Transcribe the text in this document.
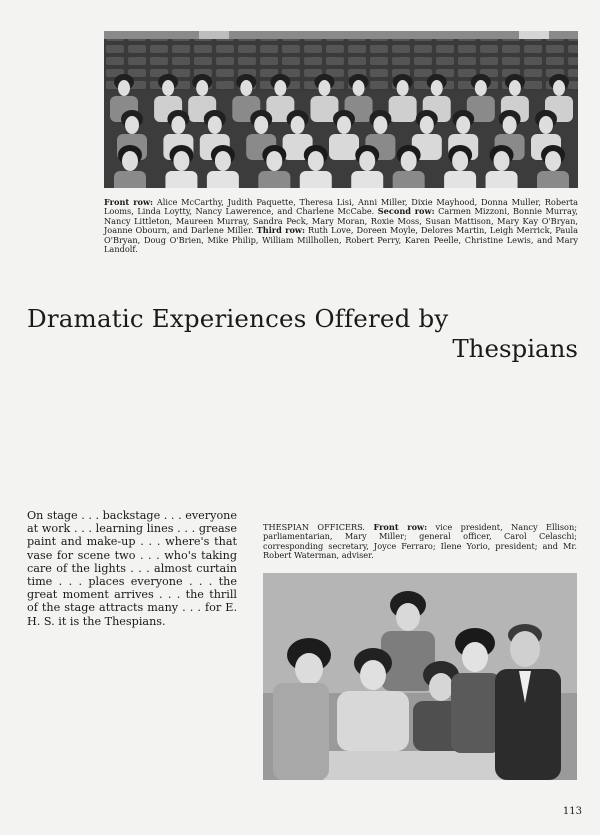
Front row: Alice McCarthy, Judith Paquette, Theresa Lisi, Anni Miller, Dixie Mayhood, Donna Muller, Roberta Looms, Linda Loytty, Nancy Lawerence, and Charlene McCabe. Second row: Carmen Mizzoni, Bonnie Murray, Nancy Littleton, Maureen Murray, Sandra Peck, Mary Moran, Roxie Moss, Susan Mattison, Mary Kay O'Bryan, Joanne Obourn, and Darlene Miller. Third row: Ruth Love, Doreen Moyle, Delores Martin, Leigh Merrick, Paula O'Bryan, Doug O'Brien, Mike Philip, William Millhollen, Robert Perry, Karen Peelle, Christine Lewis, and Mary Landolf.

Dramatic Experiences Offered by
Thespians

On stage . . . backstage . . . everyone at work . . . learning lines . . . grease paint and make-up . . . where's that vase for scene two . . . who's taking care of the lights . . . almost curtain time . . . places everyone . . . the great moment arrives . . . the thrill of the stage attracts many . . . for E. H. S. it is the Thespians.

THESPIAN OFFICERS. Front row: vice president, Nancy Ellison; parliamentarian, Mary Miller; general officer, Carol Celaschi; corresponding secretary, Joyce Ferraro; Ilene Yorio, president; and Mr. Robert Waterman, adviser.

113
